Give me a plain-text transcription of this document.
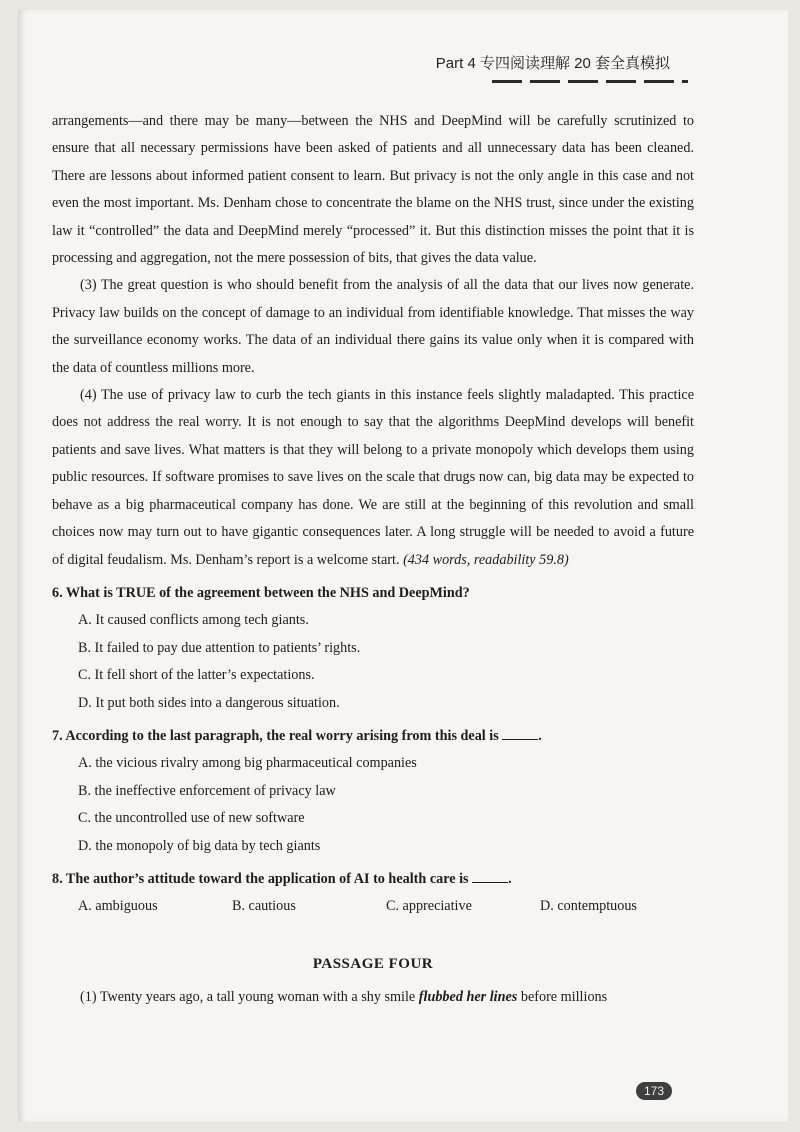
Part 4 专四阅读理解 20 套全真模拟

arrangements—and there may be many—between the NHS and DeepMind will be carefully scrutinized to ensure that all necessary permissions have been asked of patients and all unnecessary data has been cleaned. There are lessons about informed patient consent to learn. But privacy is not the only angle in this case and not even the most important. Ms. Denham chose to concentrate the blame on the NHS trust, since under the existing law it “controlled” the data and DeepMind merely “processed” it. But this distinction misses the point that it is processing and aggregation, not the mere possession of bits, that gives the data value.

(3) The great question is who should benefit from the analysis of all the data that our lives now generate. Privacy law builds on the concept of damage to an individual from identifiable knowledge. That misses the way the surveillance economy works. The data of an individual there gains its value only when it is compared with the data of countless millions more.

(4) The use of privacy law to curb the tech giants in this instance feels slightly maladapted. This practice does not address the real worry. It is not enough to say that the algorithms DeepMind develops will benefit patients and save lives. What matters is that they will belong to a private monopoly which develops them using public resources. If software promises to save lives on the scale that drugs now can, big data may be expected to behave as a big pharmaceutical company has done. We are still at the beginning of this revolution and small choices now may turn out to have gigantic consequences later. A long struggle will be needed to avoid a future of digital feudalism. Ms. Denham’s report is a welcome start. (434 words, readability 59.8)

6. What is TRUE of the agreement between the NHS and DeepMind?

A. It caused conflicts among tech giants.

B. It failed to pay due attention to patients’ rights.

C. It fell short of the latter’s expectations.

D. It put both sides into a dangerous situation.

7. According to the last paragraph, the real worry arising from this deal is	.

A. the vicious rivalry among big pharmaceutical companies

B. the ineffective enforcement of privacy law

C. the uncontrolled use of new software

D. the monopoly of big data by tech giants

8. The author’s attitude toward the application of AI to health care is	.

A. ambiguous	B. cautious	C. appreciative	D. contemptuous

PASSAGE FOUR

(1) Twenty years ago, a tall young woman with a shy smile flubbed her lines before millions

173
